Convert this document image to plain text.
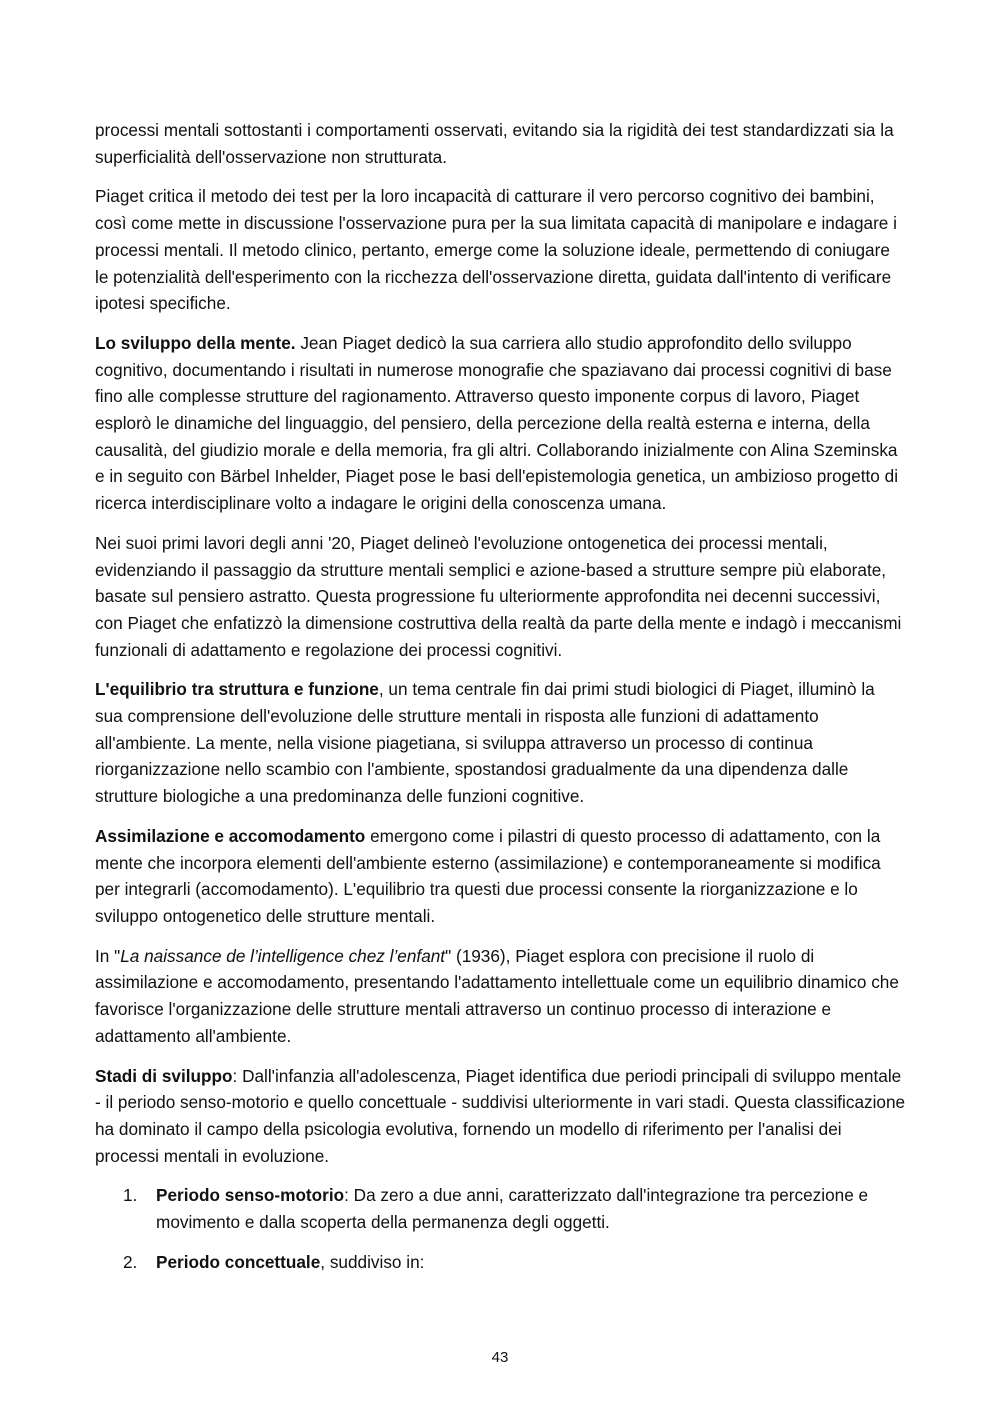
processi mentali sottostanti i comportamenti osservati, evitando sia la rigidità dei test standardizzati sia la superficialità dell'osservazione non strutturata.

Piaget critica il metodo dei test per la loro incapacità di catturare il vero percorso cognitivo dei bambini, così come mette in discussione l'osservazione pura per la sua limitata capacità di manipolare e indagare i processi mentali. Il metodo clinico, pertanto, emerge come la soluzione ideale, permettendo di coniugare le potenzialità dell'esperimento con la ricchezza dell'osservazione diretta, guidata dall'intento di verificare ipotesi specifiche.

Lo sviluppo della mente. Jean Piaget dedicò la sua carriera allo studio approfondito dello sviluppo cognitivo, documentando i risultati in numerose monografie che spaziavano dai processi cognitivi di base fino alle complesse strutture del ragionamento. Attraverso questo imponente corpus di lavoro, Piaget esplorò le dinamiche del linguaggio, del pensiero, della percezione della realtà esterna e interna, della causalità, del giudizio morale e della memoria, fra gli altri. Collaborando inizialmente con Alina Szeminska e in seguito con Bärbel Inhelder, Piaget pose le basi dell'epistemologia genetica, un ambizioso progetto di ricerca interdisciplinare volto a indagare le origini della conoscenza umana.

Nei suoi primi lavori degli anni '20, Piaget delineò l'evoluzione ontogenetica dei processi mentali, evidenziando il passaggio da strutture mentali semplici e azione-based a strutture sempre più elaborate, basate sul pensiero astratto. Questa progressione fu ulteriormente approfondita nei decenni successivi, con Piaget che enfatizzò la dimensione costruttiva della realtà da parte della mente e indagò i meccanismi funzionali di adattamento e regolazione dei processi cognitivi.

L'equilibrio tra struttura e funzione, un tema centrale fin dai primi studi biologici di Piaget, illuminò la sua comprensione dell'evoluzione delle strutture mentali in risposta alle funzioni di adattamento all'ambiente. La mente, nella visione piagetiana, si sviluppa attraverso un processo di continua riorganizzazione nello scambio con l'ambiente, spostandosi gradualmente da una dipendenza dalle strutture biologiche a una predominanza delle funzioni cognitive.

Assimilazione e accomodamento emergono come i pilastri di questo processo di adattamento, con la mente che incorpora elementi dell'ambiente esterno (assimilazione) e contemporaneamente si modifica per integrarli (accomodamento). L'equilibrio tra questi due processi consente la riorganizzazione e lo sviluppo ontogenetico delle strutture mentali.

In "La naissance de l’intelligence chez l’enfant" (1936), Piaget esplora con precisione il ruolo di assimilazione e accomodamento, presentando l'adattamento intellettuale come un equilibrio dinamico che favorisce l'organizzazione delle strutture mentali attraverso un continuo processo di interazione e adattamento all'ambiente.

Stadi di sviluppo: Dall'infanzia all'adolescenza, Piaget identifica due periodi principali di sviluppo mentale - il periodo senso-motorio e quello concettuale - suddivisi ulteriormente in vari stadi. Questa classificazione ha dominato il campo della psicologia evolutiva, fornendo un modello di riferimento per l'analisi dei processi mentali in evoluzione.

1. Periodo senso-motorio: Da zero a due anni, caratterizzato dall'integrazione tra percezione e movimento e dalla scoperta della permanenza degli oggetti.
2. Periodo concettuale, suddiviso in:
43
